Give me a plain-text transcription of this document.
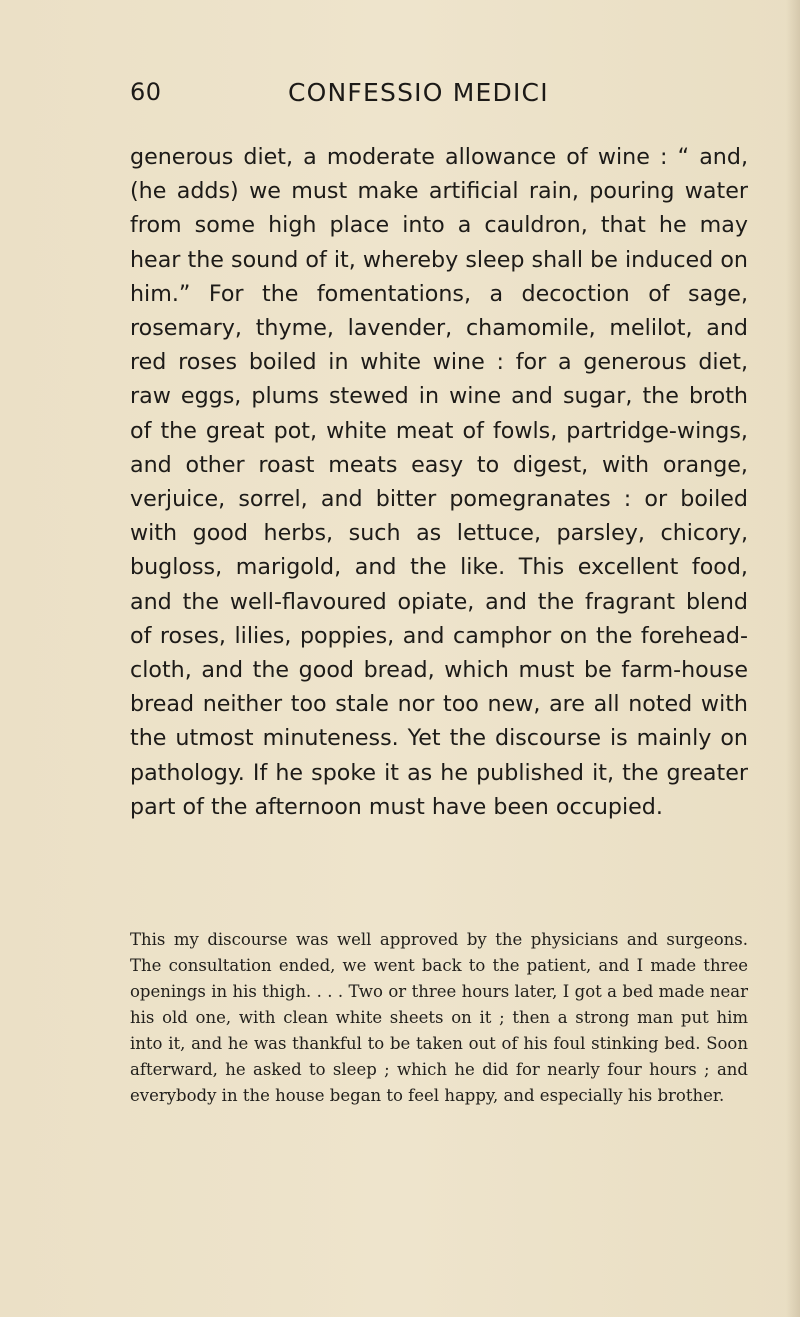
60	CONFESSIO MEDICI

generous diet, a moderate allowance of wine : “ and, (he adds) we must make artificial rain, pouring water from some high place into a cauldron, that he may hear the sound of it, whereby sleep shall be induced on him.” For the fomentations, a decoction of sage, rosemary, thyme, lavender, chamomile, melilot, and red roses boiled in white wine : for a generous diet, raw eggs, plums stewed in wine and sugar, the broth of the great pot, white meat of fowls, partridge-wings, and other roast meats easy to digest, with orange, verjuice, sorrel, and bitter pomegranates : or boiled with good herbs, such as lettuce, parsley, chicory, bugloss, marigold, and the like. This excellent food, and the well-flavoured opiate, and the fragrant blend of roses, lilies, poppies, and camphor on the forehead-cloth, and the good bread, which must be farm-house bread neither too stale nor too new, are all noted with the utmost minuteness. Yet the discourse is mainly on pathology. If he spoke it as he published it, the greater part of the afternoon must have been occupied.

This my discourse was well approved by the physicians and surgeons. The consultation ended, we went back to the patient, and I made three openings in his thigh. . . . Two or three hours later, I got a bed made near his old one, with clean white sheets on it ; then a strong man put him into it, and he was thankful to be taken out of his foul stinking bed. Soon afterward, he asked to sleep ; which he did for nearly four hours ; and everybody in the house began to feel happy, and especially his brother.
